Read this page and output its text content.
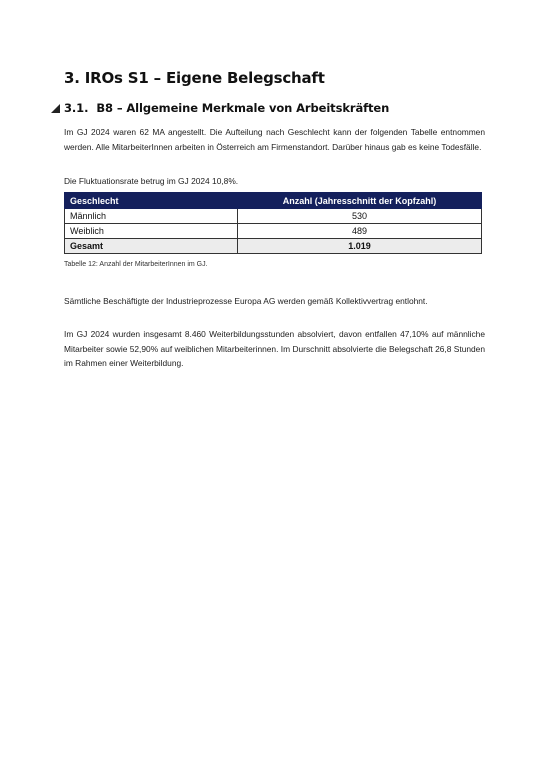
3. IROs S1 – Eigene Belegschaft
3.1. B8 – Allgemeine Merkmale von Arbeitskräften

Im GJ 2024 waren 62 MA angestellt. Die Aufteilung nach Geschlecht kann der folgenden Tabelle entnommen werden. Alle MitarbeiterInnen arbeiten in Österreich am Firmenstandort. Darüber hinaus gab es keine Todesfälle.

Die Fluktuationsrate betrug im GJ 2024 10,8%.

Geschlecht	Anzahl (Jahresschnitt der Kopfzahl)
Männlich	530
Weiblich	489
Gesamt	1.019

Tabelle 12: Anzahl der MitarbeiterInnen im GJ.

Sämtliche Beschäftigte der Industrieprozesse Europa AG werden gemäß Kollektivvertrag entlohnt.

Im GJ 2024 wurden insgesamt 8.460 Weiterbildungsstunden absolviert, davon entfallen 47,10% auf männliche Mitarbeiter sowie 52,90% auf weiblichen Mitarbeiterinnen. Im Durschnitt absolvierte die Belegschaft 26,8 Stunden im Rahmen einer Weiterbildung.
